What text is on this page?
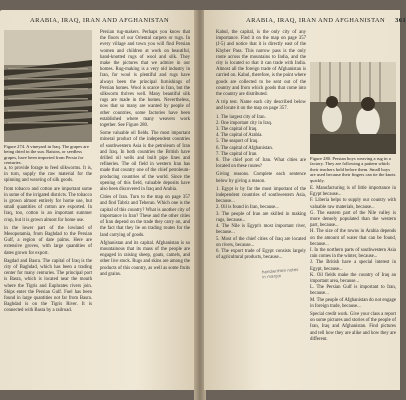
ARABIA, IRAQ, IRAN AND AFGHANISTAN
Figure 274. A vineyard in Iraq. The grapes are being dried in the sun. Raisins, or seedless grapes, have been imported from Persia for centuries.

a, to provide forage to feed silkworms. It is, in turn, supply the raw material for the spinning and weaving of silk goods.

from tobacco and cotton are important some in some of the irrigated districts. The tobacco is grown almost entirely for home use, but small quantities of cotton are exported. In Iraq, too, cotton is an important summer crop, but it is grown almost for home use.

in the lower part of the lowland of Mesopotamia, from Baghdad to the Persian Gulf, a region of date palms. Here are extensive groves, with large quantities of dates grown for export.

Bagdad and Basra. The capital of Iraq is the city of Baghdad, which has been a trading center for many centuries. The principal port is Basra, which is located near the mouth where the Tigris and Euphrates rivers join. Ships enter the Persian Gulf. Fuel has been found in large quantities not far from Basra. Baghdad is on the Tigris River. It is connected with Basra by a railroad.

Persian rug-makers. Perhaps you know that the floors of our Oriental carpets or rugs. In every village and town you will find Persian women and children at work on beautiful, hand-knotted rugs of wool and silk. They make the pictures that we admire in our homes. Rug-making is a very old industry in Iran, for wool is plentiful and rugs have always been the principal furnishings of Persian homes. Wool is scarce in Iran, but the silkworm thrives well. Many beautiful silk rugs are made in the homes. Nevertheless, now that so many are wanted by people of other countries, some factories have been established where many weavers work together. See Figure 280.

Some valuable oil fields. The most important mineral product of the independent countries of southwestern Asia is the petroleum of Iran and Iraq. In both countries the British have drilled oil wells and built pipe lines and refineries. The oil field in western Iran has made that country one of the chief petroleum-producing countries of the world. Since the opening of this field, valuable deposits have also been discovered in Iraq and Arabia.

Cities of Iran. Turn to the map on page 357 and find Tabriz and Teheran. Which one is the capital of this country? What is another city of importance in Iran? These and the other cities of Iran depend on the trade they carry on, and the fact that they lie on trading routes for the land carrying of goods.

Afghanistan and its capital. Afghanistan is so mountainous that its mass of the people are engaged in raising sheep, goats, camels, and other live stock. Rugs and skins are among the products of this country, as well as some fruits and grains.

ARABIA, IRAQ, IRAN AND AFGHANISTAN 361

Kabul, the capital, is the only city of any importance. Find it on the map on page 357 (J-5) and notice that it is directly east of the Khyber Pass. This narrow pass is the only route across the mountains to India, and the city is located so that it can trade with India. Almost all the foreign trade of Afghanistan is carried on. Kabul, therefore, is the point where goods are collected to be sent out of the country and from which goods that come into the country are distributed.

A trip test. Name each city described below and locate it on the map on page 357.

1. The largest city of Iran.

2. One important city in Iraq.

3. The capital of Iraq.

4. The capital of Arabia.

5. The seaport of Iraq.

6. The capital of Afghanistan.

7. The capital of Iran.

8. The chief port of Iran. What cities are located on these routes?

Giving reasons. Complete each sentence below by giving a reason.

1. Egypt is by far the most important of the independent countries of southwestern Asia, because...

2. Oil is found in Iran, because...

3. The people of Iran are skilled in making rugs, because...

4. The Nile is Egypt's most important river, because...

5. Most of the chief cities of Iraq are located on rivers, because...

6. The export trade of Egypt consists largely of agricultural products, because...

Figure 280. Persian boys weaving a rug in a factory. They are following a pattern which their teachers hold before them. Small boys are used because their fingers can tie the knots quickly.

E. Manufacturing is of little importance in Egypt because...

F. Liberia helps to supply our country with valuable raw materials, because...

G. The eastern part of the Nile valley is more densely populated than the western part, because...

H. The size of the towns in Arabia depends on the amount of water that can be found, because...

I. In the northern parts of southwestern Asia rain comes in the winter, because...

J. The British have a special interest in Egypt, because...

K. Oil fields make the country of Iraq an important area, because...

L. The Persian Gulf is important to Iran, because...

M. The people of Afghanistan do not engage in foreign trade, because...

Special credit work. Give your class a report on some pictures and stories of the people of Iran, Iraq and Afghanistan. Find pictures and tell how they are alike and how they are different.

handwritten notes in margin
